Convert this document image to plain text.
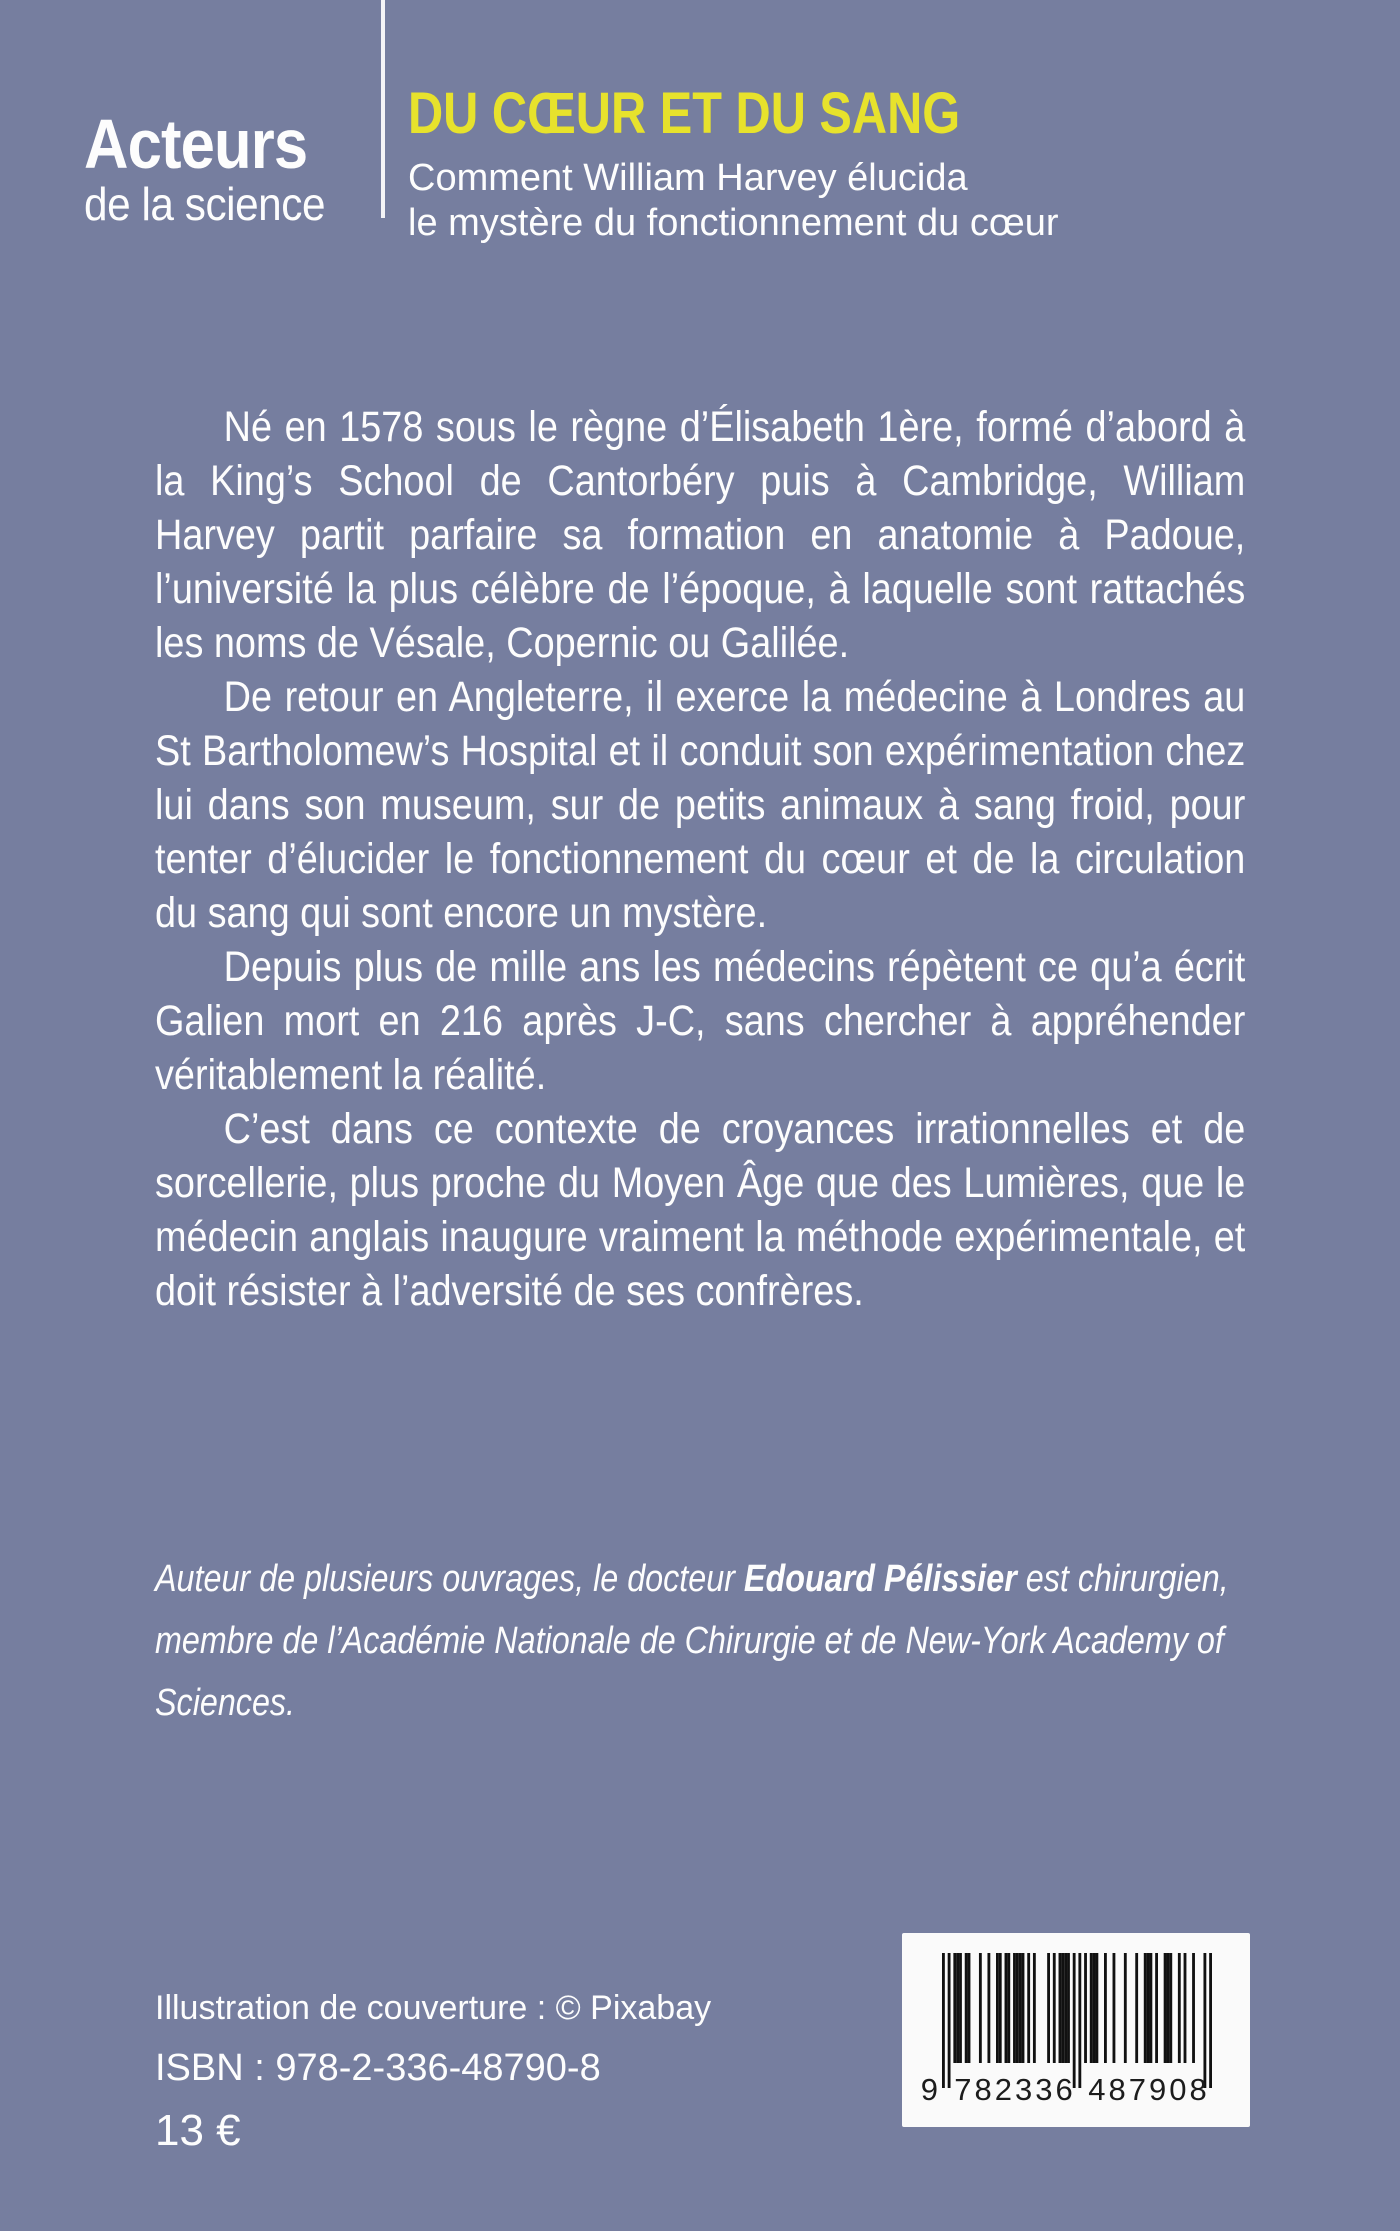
Acteurs
de la science
DU CŒUR ET DU SANG

Comment William Harvey élucida
le mystère du fonctionnement du cœur

Né en 1578 sous le règne d’Élisabeth 1ère, formé d’abord à la King’s School de Cantorbéry puis à Cambridge, William Harvey partit parfaire sa formation en anatomie à Padoue, l’université la plus célèbre de l’époque, à laquelle sont rattachés les noms de Vésale, Copernic ou Galilée.

De retour en Angleterre, il exerce la médecine à Londres au St Bartholomew’s Hospital et il conduit son expérimentation chez lui dans son museum, sur de petits animaux à sang froid, pour tenter d’élucider le fonctionnement du cœur et de la circulation du sang qui sont encore un mystère.

Depuis plus de mille ans les médecins répètent ce qu’a écrit Galien mort en 216 après J-C, sans chercher à appréhender véritablement la réalité.

C’est dans ce contexte de croyances irrationnelles et de sorcellerie, plus proche du Moyen Âge que des Lumières, que le médecin anglais inaugure vraiment la méthode expérimentale, et doit résister à l’adversité de ses confrères.

Auteur de plusieurs ouvrages, le docteur Edouard Pélissier est chirurgien, membre de l’Académie Nationale de Chirurgie et de New-York Academy of Sciences.
Illustration de couverture : © Pixabay
ISBN : 978-2-336-48790-8
13 €
9 782336 487908
